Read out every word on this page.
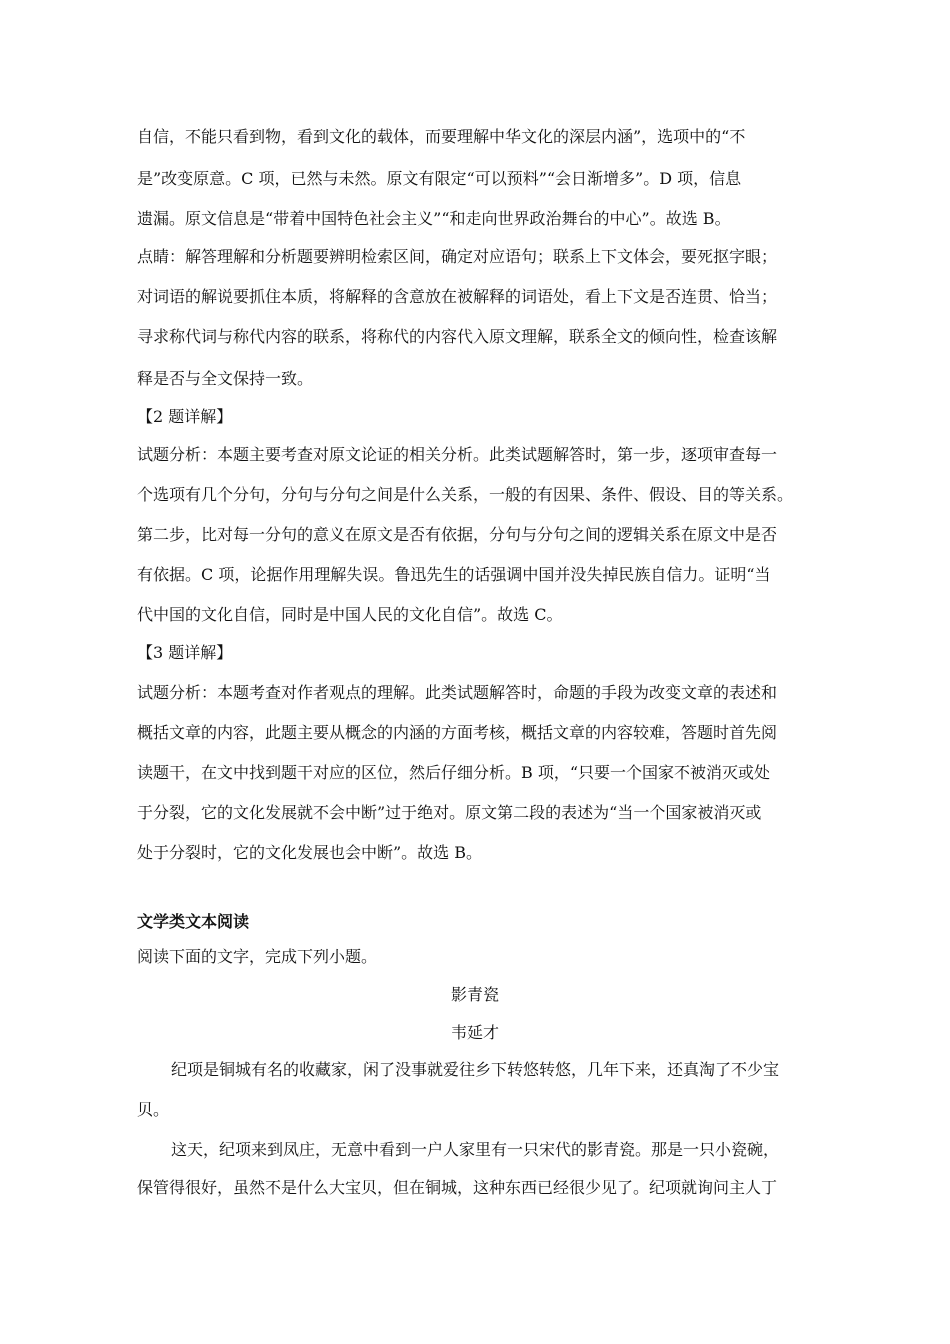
自信，不能只看到物，看到文化的载体，而要理解中华文化的深层内涵”，选项中的“不
是”改变原意。C 项，已然与未然。原文有限定“可以预料”“会日渐增多”。D 项，信息
遗漏。原文信息是“带着中国特色社会主义”“和走向世界政治舞台的中心”。故选 B。
点睛：解答理解和分析题要辨明检索区间，确定对应语句；联系上下文体会，要死抠字眼；
对词语的解说要抓住本质，将解释的含意放在被解释的词语处，看上下文是否连贯、恰当；
寻求称代词与称代内容的联系，将称代的内容代入原文理解，联系全文的倾向性，检查该解
释是否与全文保持一致。
【2 题详解】
试题分析：本题主要考查对原文论证的相关分析。此类试题解答时，第一步，逐项审查每一
个选项有几个分句，分句与分句之间是什么关系，一般的有因果、条件、假设、目的等关系。
第二步，比对每一分句的意义在原文是否有依据，分句与分句之间的逻辑关系在原文中是否
有依据。C 项，论据作用理解失误。鲁迅先生的话强调中国并没失掉民族自信力。证明“当
代中国的文化自信，同时是中国人民的文化自信”。故选 C。
【3 题详解】
试题分析：本题考查对作者观点的理解。此类试题解答时，命题的手段为改变文章的表述和
概括文章的内容，此题主要从概念的内涵的方面考核，概括文章的内容较难，答题时首先阅
读题干，在文中找到题干对应的区位，然后仔细分析。B 项，“只要一个国家不被消灭或处
于分裂，它的文化发展就不会中断”过于绝对。原文第二段的表述为“当一个国家被消灭或
处于分裂时，它的文化发展也会中断”。故选 B。
文学类文本阅读
阅读下面的文字，完成下列小题。
影青瓷
韦延才
纪项是铜城有名的收藏家，闲了没事就爱往乡下转悠转悠，几年下来，还真淘了不少宝
贝。
这天，纪项来到凤庄，无意中看到一户人家里有一只宋代的影青瓷。那是一只小瓷碗，
保管得很好，虽然不是什么大宝贝，但在铜城，这种东西已经很少见了。纪项就询问主人丁
